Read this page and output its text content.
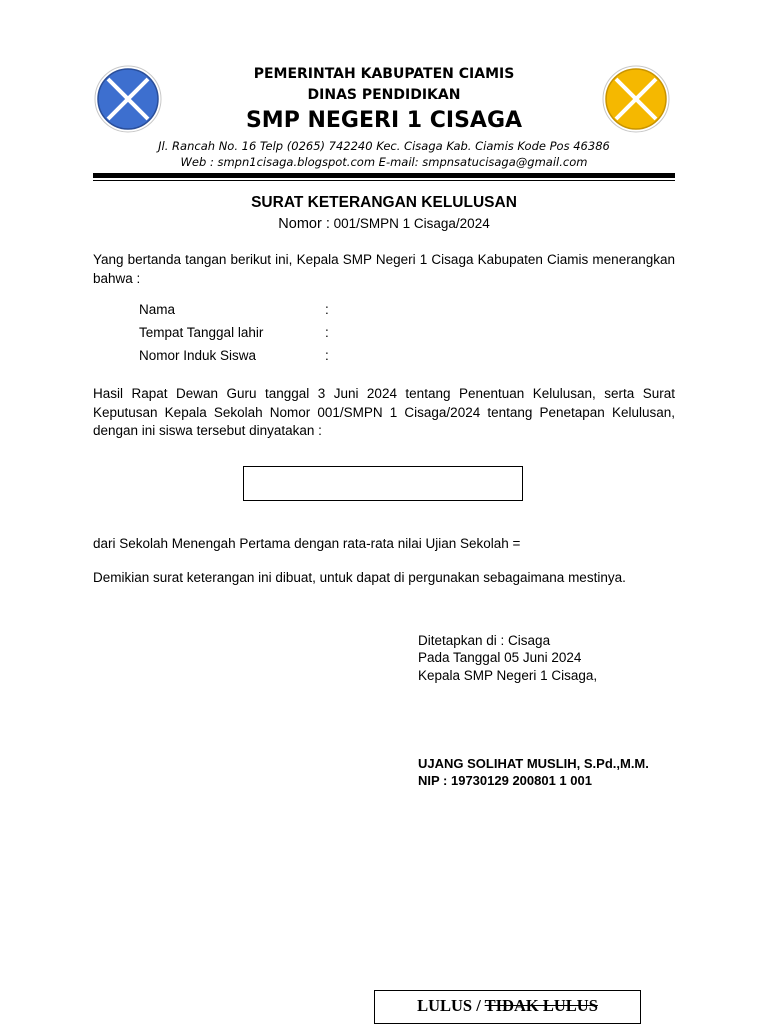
PEMERINTAH KABUPATEN CIAMIS
DINAS PENDIDIKAN
SMP NEGERI 1 CISAGA
Jl. Rancah No. 16 Telp (0265) 742240 Kec. Cisaga Kab. Ciamis Kode Pos 46386
Web : smpn1cisaga.blogspot.com E-mail: smpnsatucisaga@gmail.com
SURAT KETERANGAN KELULUSAN
Nomor : 001/SMPN 1 Cisaga/2024
Yang bertanda tangan berikut ini, Kepala SMP Negeri 1 Cisaga Kabupaten Ciamis menerangkan bahwa :
Nama	:
Tempat Tanggal lahir	:
Nomor Induk Siswa	:
Hasil Rapat Dewan Guru tanggal 3 Juni 2024 tentang Penentuan Kelulusan, serta Surat Keputusan Kepala Sekolah Nomor 001/SMPN 1 Cisaga/2024 tentang Penetapan Kelulusan, dengan ini siswa tersebut dinyatakan :
dari Sekolah Menengah Pertama dengan rata-rata nilai Ujian Sekolah =
Demikian surat keterangan ini dibuat, untuk dapat di pergunakan sebagaimana mestinya.
Ditetapkan di : Cisaga
Pada Tanggal 05 Juni 2024
Kepala SMP Negeri 1 Cisaga,
UJANG SOLIHAT MUSLIH, S.Pd.,M.M.
NIP : 19730129 200801 1 001
LULUS / TIDAK LULUS
